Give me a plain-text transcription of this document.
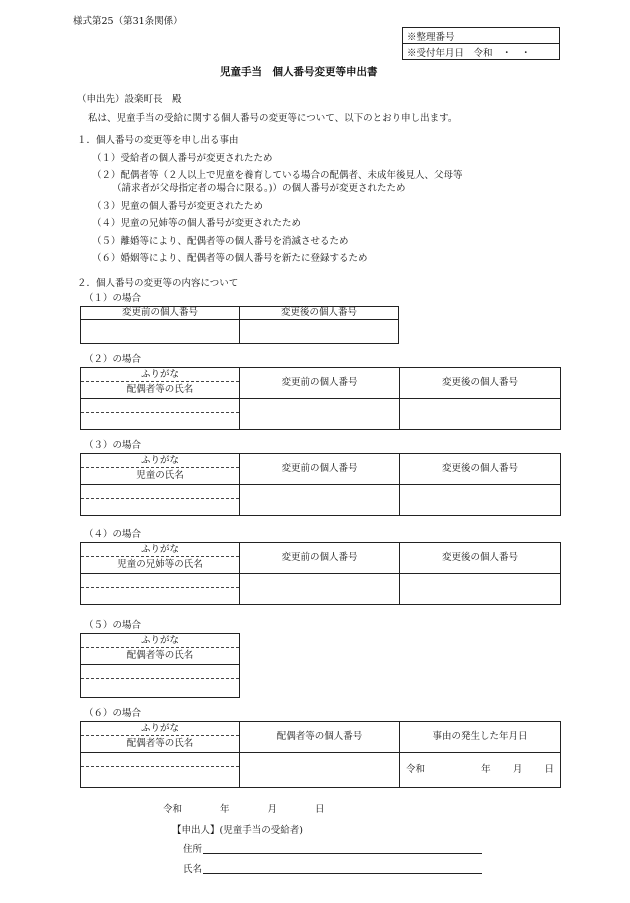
様式第25（第31条関係）
※整理番号
※受付年月日　令和　・　・
児童手当　個人番号変更等申出書
（申出先）設楽町長　殿
私は、児童手当の受給に関する個人番号の変更等について、以下のとおり申し出ます。
１．個人番号の変更等を申し出る事由
（１）受給者の個人番号が変更されたため
（２）配偶者等（２人以上で児童を養育している場合の配偶者、未成年後見人、父母等
（請求者が父母指定者の場合に限る。)）の個人番号が変更されたため
（３）児童の個人番号が変更されたため
（４）児童の兄姉等の個人番号が変更されたため
（５）離婚等により、配偶者等の個人番号を消滅させるため
（６）婚姻等により、配偶者等の個人番号を新たに登録するため
２．個人番号の変更等の内容について
（１）の場合
変更前の個人番号	変更後の個人番号

（２）の場合
ふりがな	変更前の個人番号	変更後の個人番号
配偶者等の氏名		

（３）の場合
ふりがな	変更前の個人番号	変更後の個人番号
児童の氏名		

（４）の場合
ふりがな	変更前の個人番号	変更後の個人番号
児童の兄姉等の氏名		

（５）の場合
ふりがな
配偶者等の氏名

（６）の場合
ふりがな	配偶者等の個人番号	事由の発生した年月日
配偶者等の氏名		

		令和 年 月 日

令和　　　　年　　　　月　　　　日
【申出人】(児童手当の受給者)
住所
氏名
